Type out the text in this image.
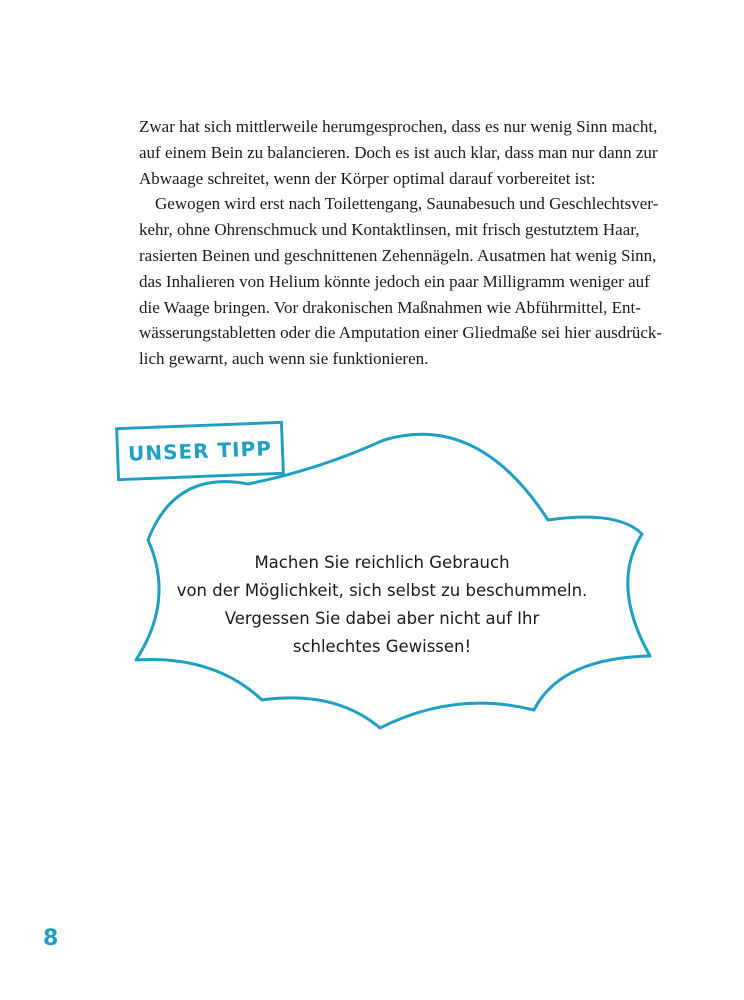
Zwar hat sich mittlerweile herumgesprochen, dass es nur wenig Sinn macht,
auf einem Bein zu balancieren. Doch es ist auch klar, dass man nur dann zur
Abwaage schreitet, wenn der Körper optimal darauf vorbereitet ist:
Gewogen wird erst nach Toilettengang, Saunabesuch und Geschlechtsver-
kehr, ohne Ohrenschmuck und Kontaktlinsen, mit frisch gestutztem Haar,
rasierten Beinen und geschnittenen Zehennägeln. Ausatmen hat wenig Sinn,
das Inhalieren von Helium könnte jedoch ein paar Milligramm weniger auf
die Waage bringen. Vor drakonischen Maßnahmen wie Abführmittel, Ent-
wässerungstabletten oder die Amputation einer Gliedmaße sei hier ausdrück-
lich gewarnt, auch wenn sie funktionieren.
UNSER TIPP
Machen Sie reichlich Gebrauch
von der Möglichkeit, sich selbst zu beschummeln.
Vergessen Sie dabei aber nicht auf Ihr
schlechtes Gewissen!
8
